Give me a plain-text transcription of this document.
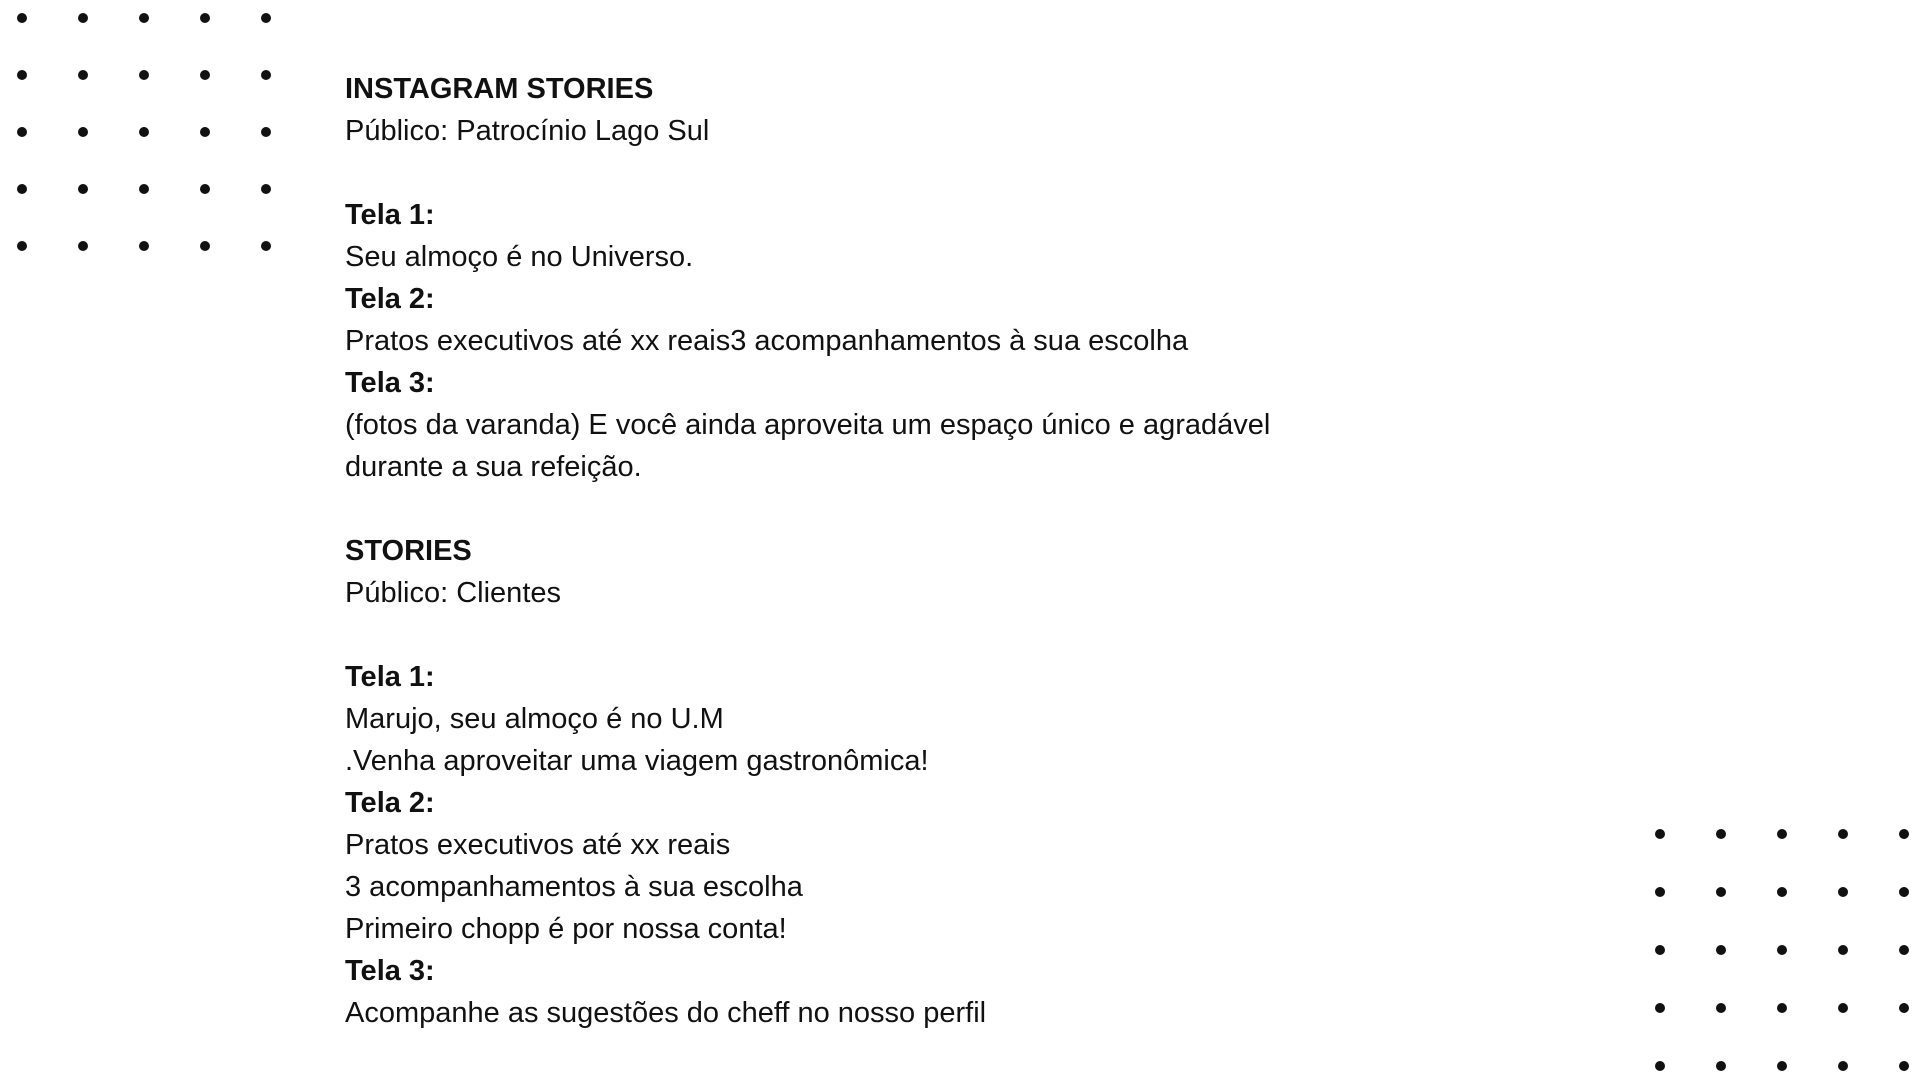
INSTAGRAM STORIES
Público: Patrocínio Lago Sul
Tela 1:
Seu almoço é no Universo.
Tela 2:
Pratos executivos até xx reais3 acompanhamentos à sua escolha
Tela 3:
(fotos da varanda) E você ainda aproveita um espaço único e agradável
durante a sua refeição.
STORIES
Público: Clientes
Tela 1:
Marujo, seu almoço é no U.M
.Venha aproveitar uma viagem gastronômica!
Tela 2:
Pratos executivos até xx reais
3 acompanhamentos à sua escolha
Primeiro chopp é por nossa conta!
Tela 3:
Acompanhe as sugestões do cheff no nosso perfil
